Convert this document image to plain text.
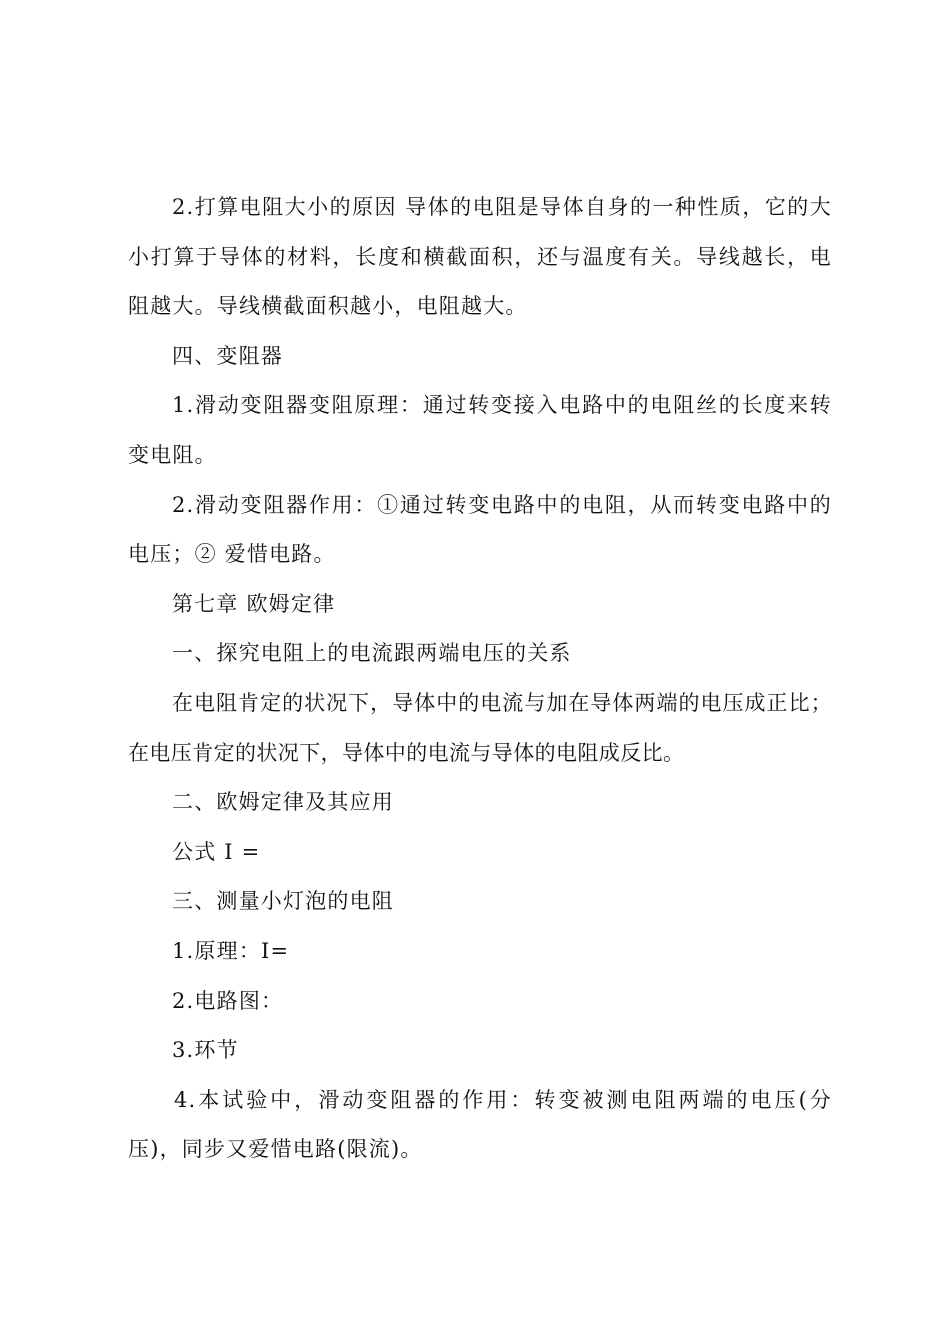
2.打算电阻大小的原因 导体的电阻是导体自身的一种性质，它的大小打算于导体的材料，长度和横截面积，还与温度有关。导线越长，电阻越大。导线横截面积越小，电阻越大。

四、变阻器

1.滑动变阻器变阻原理：通过转变接入电路中的电阻丝的长度来转变电阻。

2.滑动变阻器作用：①通过转变电路中的电阻，从而转变电路中的电压；② 爱惜电路。

第七章 欧姆定律

一、探究电阻上的电流跟两端电压的关系

在电阻肯定的状况下，导体中的电流与加在导体两端的电压成正比；在电压肯定的状况下，导体中的电流与导体的电阻成反比。

二、欧姆定律及其应用

公式 I =

三、测量小灯泡的电阻

1.原理：I=

2.电路图：

3.环节

4.本试验中，滑动变阻器的作用：转变被测电阻两端的电压(分压)，同步又爱惜电路(限流)。
